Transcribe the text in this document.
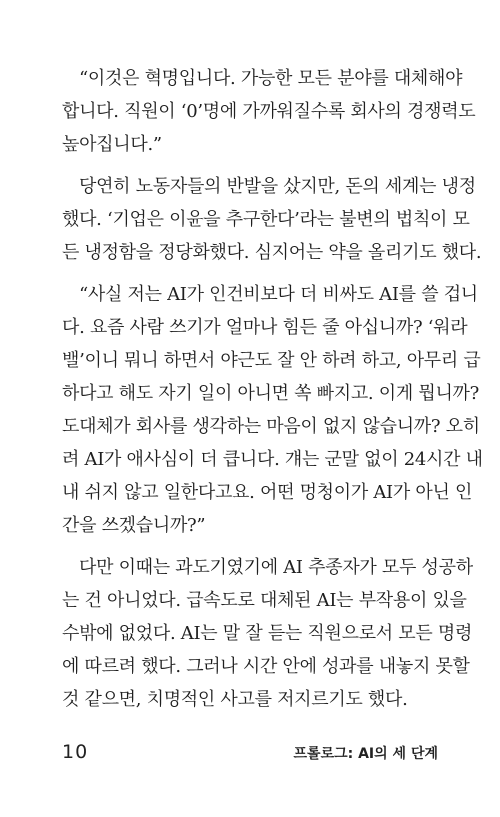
“이것은 혁명입니다. 가능한 모든 분야를 대체해야
합니다. 직원이 ‘0’명에 가까워질수록 회사의 경쟁력도
높아집니다.”
당연히 노동자들의 반발을 샀지만, 돈의 세계는 냉정
했다. ‘기업은 이윤을 추구한다’라는 불변의 법칙이 모
든 냉정함을 정당화했다. 심지어는 약을 올리기도 했다.
“사실 저는 AI가 인건비보다 더 비싸도 AI를 쓸 겁니
다. 요즘 사람 쓰기가 얼마나 힘든 줄 아십니까? ‘워라
밸’이니 뭐니 하면서 야근도 잘 안 하려 하고, 아무리 급
하다고 해도 자기 일이 아니면 쏙 빠지고. 이게 뭡니까?
도대체가 회사를 생각하는 마음이 없지 않습니까? 오히
려 AI가 애사심이 더 큽니다. 걔는 군말 없이 24시간 내
내 쉬지 않고 일한다고요. 어떤 멍청이가 AI가 아닌 인
간을 쓰겠습니까?”
다만 이때는 과도기였기에 AI 추종자가 모두 성공하
는 건 아니었다. 급속도로 대체된 AI는 부작용이 있을
수밖에 없었다. AI는 말 잘 듣는 직원으로서 모든 명령
에 따르려 했다. 그러나 시간 안에 성과를 내놓지 못할
것 같으면, 치명적인 사고를 저지르기도 했다.
10	프롤로그: AI의 세 단계
